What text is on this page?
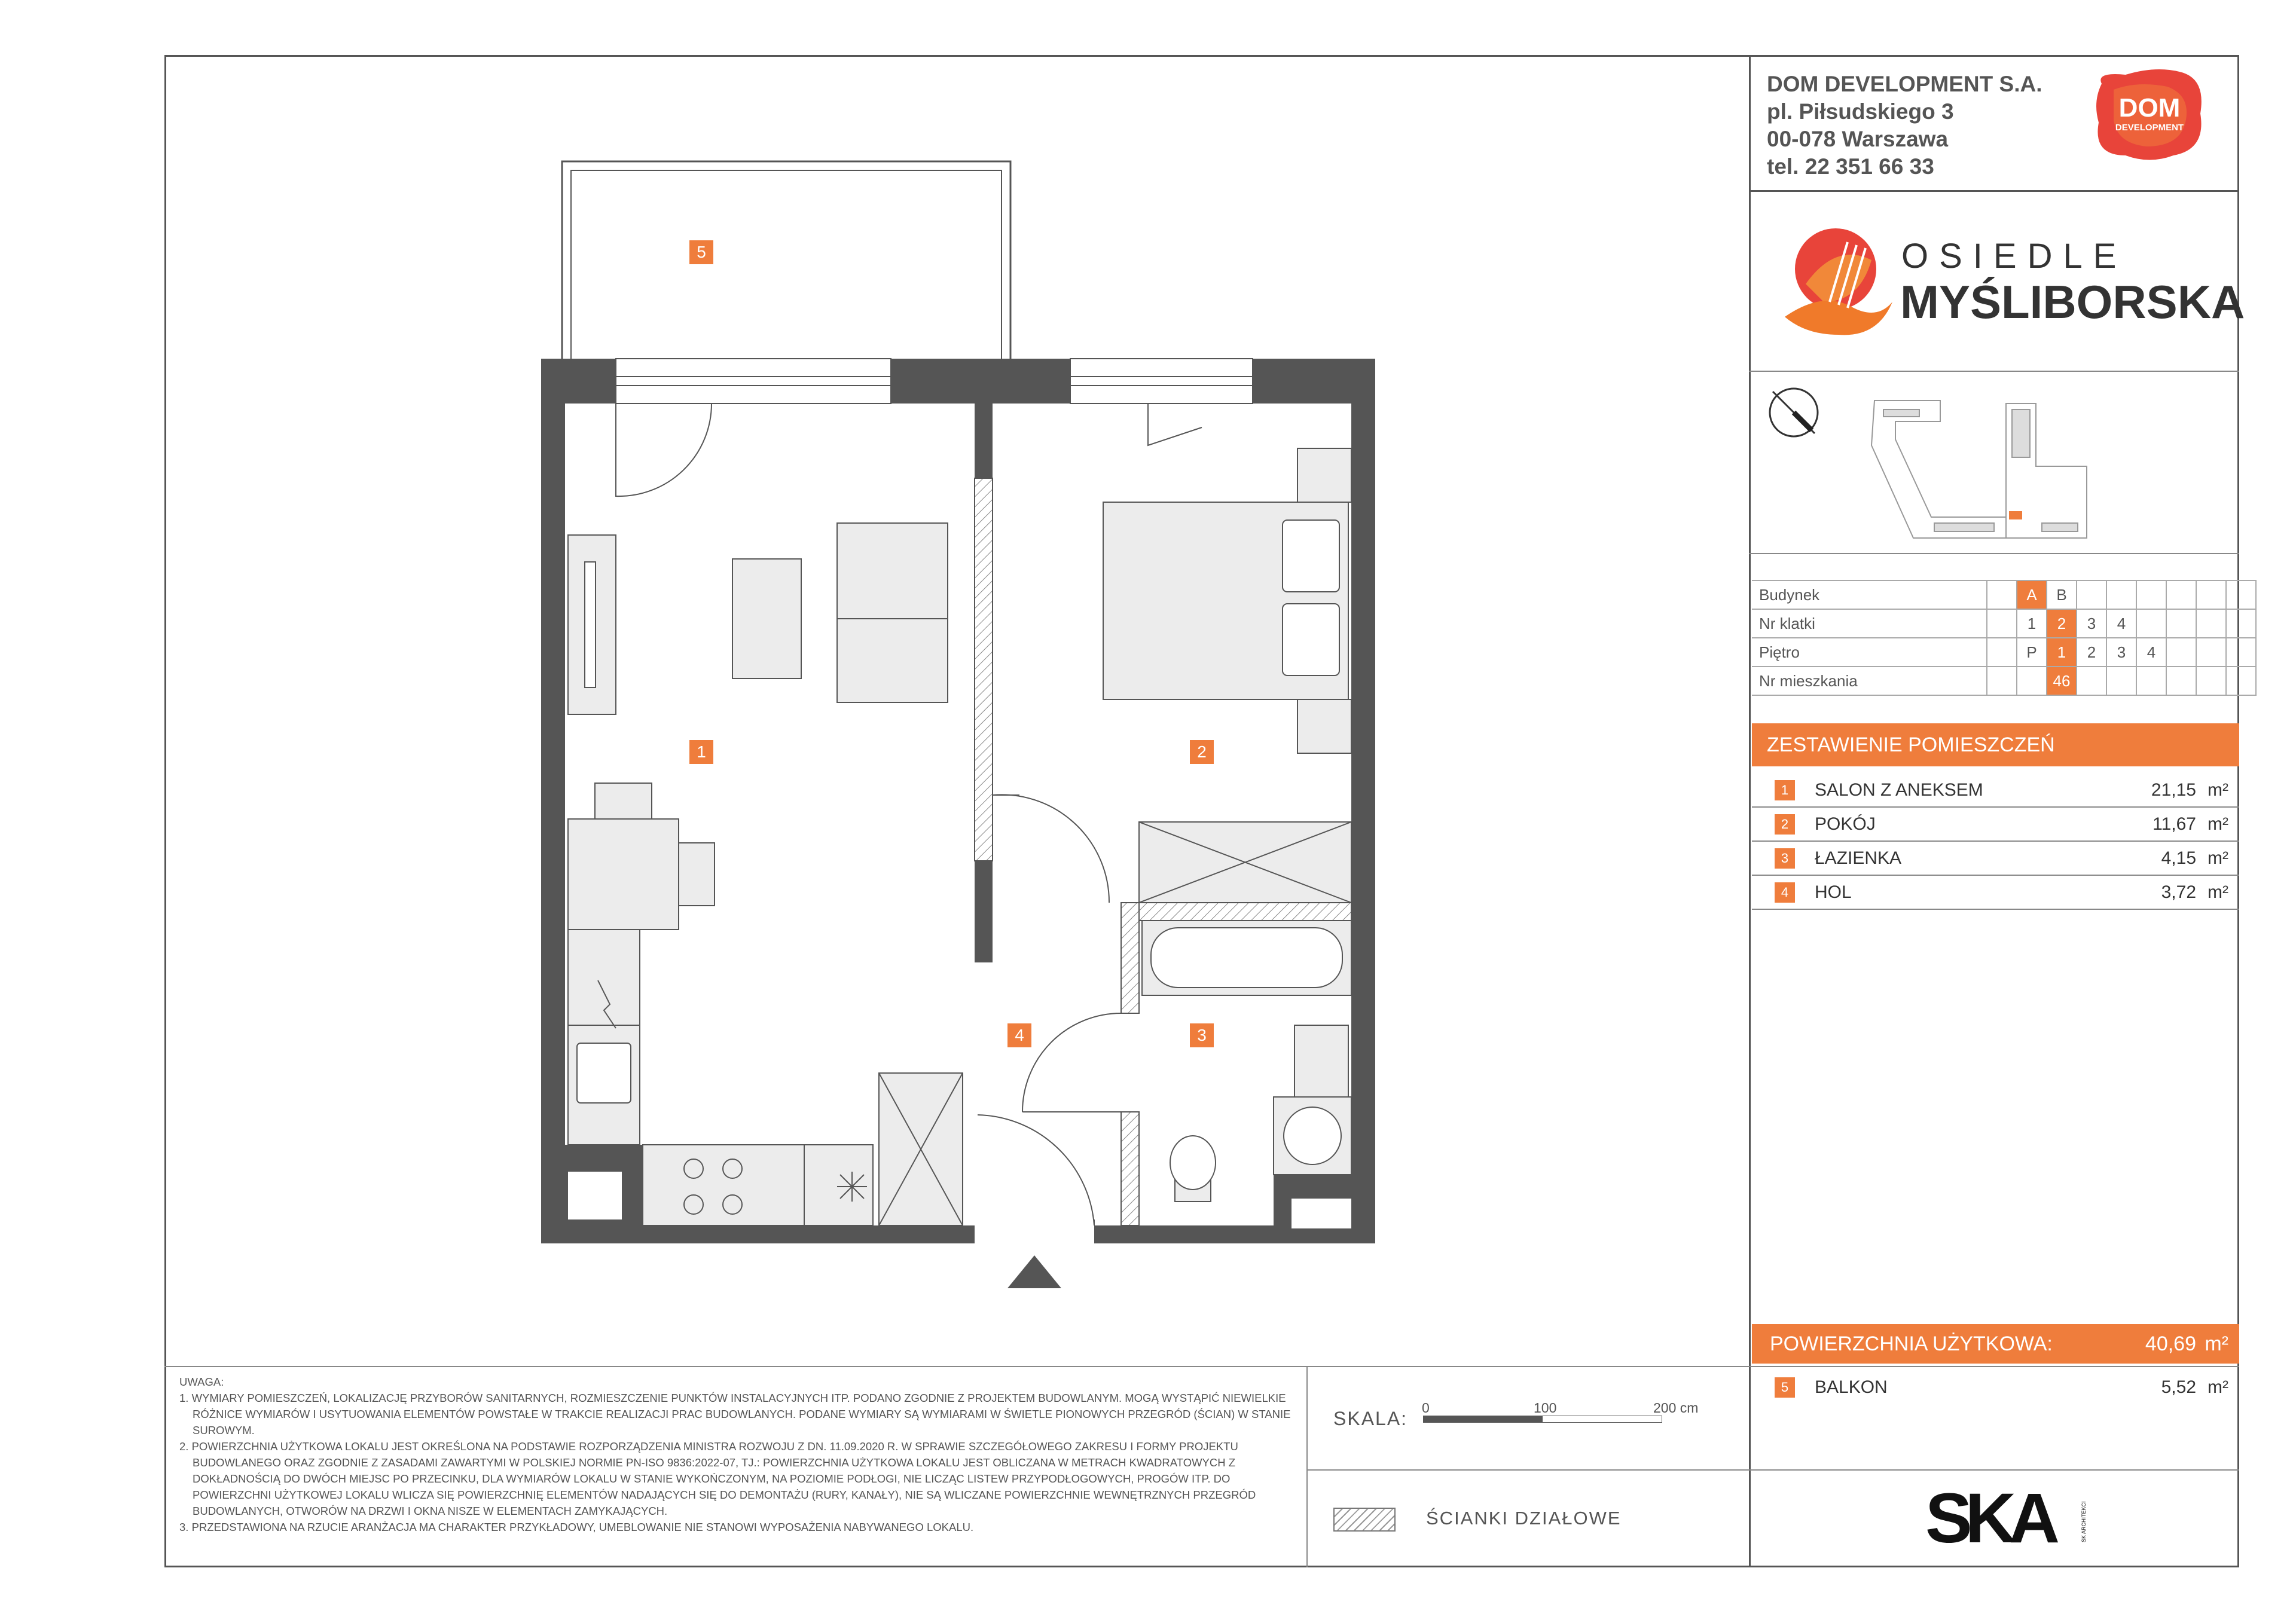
DOM DEVELOPMENT S.A.
pl. Piłsudskiego 3
00-078 Warszawa
tel. 22 351 66 33
DOM
DEVELOPMENT
OSIEDLE
MYŚLIBORSKA
Budynek		A	B						
Nr klatki		1	2	3	4				
Piętro		P	1	2	3	4			
Nr mieszkania			46						
ZESTAWIENIE POMIESZCZEŃ
1	SALON Z ANEKSEM	21,15 m²
2	POKÓJ	11,67 m²
3	ŁAZIENKA	4,15 m²
4	HOL	3,72 m²
POWIERZCHNIA UŻYTKOWA:	40,69 m²
5	BALKON	5,52 m²

UWAGA:

1. WYMIARY POMIESZCZEŃ, LOKALIZACJĘ PRZYBORÓW SANITARNYCH, ROZMIESZCZENIE PUNKTÓW INSTALACYJNYCH ITP. PODANO ZGODNIE Z PROJEKTEM BUDOWLANYM. MOGĄ WYSTĄPIĆ NIEWIELKIE RÓŻNICE WYMIARÓW I USYTUOWANIA ELEMENTÓW POWSTAŁE W TRAKCIE REALIZACJI PRAC BUDOWLANYCH. PODANE WYMIARY SĄ WYMIARAMI W ŚWIETLE PIONOWYCH PRZEGRÓD (ŚCIAN) W STANIE SUROWYM.

2. POWIERZCHNIA UŻYTKOWA LOKALU JEST OKREŚLONA NA PODSTAWIE ROZPORZĄDZENIA MINISTRA ROZWOJU Z DN. 11.09.2020 R. W SPRAWIE SZCZEGÓŁOWEGO ZAKRESU I FORMY PROJEKTU BUDOWLANEGO ORAZ ZGODNIE Z ZASADAMI ZAWARTYMI W POLSKIEJ NORMIE PN-ISO 9836:2022-07, TJ.: POWIERZCHNIA UŻYTKOWA LOKALU JEST OBLICZANA W METRACH KWADRATOWYCH Z DOKŁADNOŚCIĄ DO DWÓCH MIEJSC PO PRZECINKU, DLA WYMIARÓW LOKALU W STANIE WYKOŃCZONYM, NA POZIOMIE PODŁOGI, NIE LICZĄC LISTEW PRZYPODŁOGOWYCH, PROGÓW ITP. DO POWIERZCHNI UŻYTKOWEJ LOKALU WLICZA SIĘ POWIERZCHNIĘ ELEMENTÓW NADAJĄCYCH SIĘ DO DEMONTAŻU (RURY, KANAŁY), NIE SĄ WLICZANE POWIERZCHNIE WEWNĘTRZNYCH PRZEGRÓD BUDOWLANYCH, OTWORÓW NA DRZWI I OKNA NISZE W ELEMENTACH ZAMYKAJĄCYCH.

3. PRZEDSTAWIONA NA RZUCIE ARANŻACJA MA CHARAKTER PRZYKŁADOWY, UMEBLOWANIE NIE STANOWI WYPOSAŻENIA NABYWANEGO LOKALU.

SKALA: 0	100	200 cm
ŚCIANKI DZIAŁOWE	SKA	SK ARCHITEKCI
5
1	2
4	3
